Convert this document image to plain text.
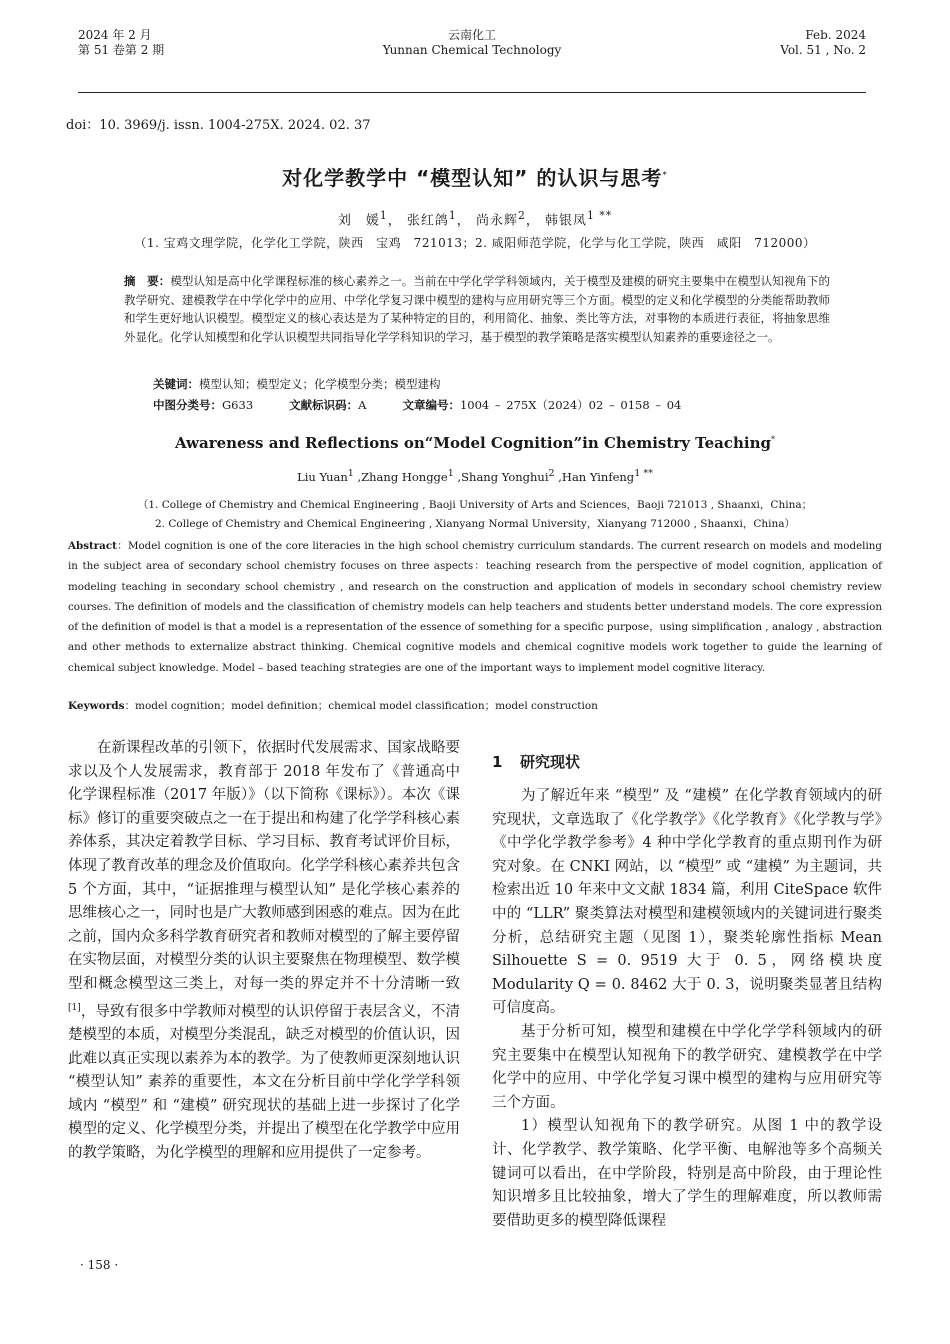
2024 年 2 月
第 51 卷第 2 期
云南化工
Yunnan Chemical Technology
Feb. 2024
Vol. 51 , No. 2
doi：10. 3969/j. issn. 1004-275X. 2024. 02. 37
对化学教学中 “模型认知” 的认识与思考*
刘　媛$^1$， 张红鸽$^1$， 尚永辉$^2$， 韩银凤$^{1 **}$
（1. 宝鸡文理学院，化学化工学院，陕西　宝鸡　721013；2. 咸阳师范学院，化学与化工学院，陕西　咸阳　712000）
摘　要：模型认知是高中化学课程标准的核心素养之一。当前在中学化学学科领域内，关于模型及建模的研究主要集中在模型认知视角下的教学研究、建模教学在中学化学中的应用、中学化学复习课中模型的建构与应用研究等三个方面。模型的定义和化学模型的分类能帮助教师和学生更好地认识模型。模型定义的核心表达是为了某种特定的目的，利用简化、抽象、类比等方法，对事物的本质进行表征，将抽象思维外显化。化学认知模型和化学认识模型共同指导化学学科知识的学习，基于模型的教学策略是落实模型认知素养的重要途径之一。
关键词：模型认知；模型定义；化学模型分类；模型建构
中图分类号：G633	文献标识码：A	文章编号：1004 – 275X（2024）02 – 0158 – 04
Awareness and Reflections on“Model Cognition”in Chemistry Teaching*
Liu Yuan$^1$ ,Zhang Hongge$^1$ ,Shang Yonghui$^2$ ,Han Yinfeng$^{1 **}$
（1. College of Chemistry and Chemical Engineering , Baoji University of Arts and Sciences，Baoji 721013 , Shaanxi，China；
2. College of Chemistry and Chemical Engineering , Xianyang Normal University，Xianyang 712000 , Shaanxi，China）
Abstract：Model cognition is one of the core literacies in the high school chemistry curriculum standards. The current research on models and modeling in the subject area of secondary school chemistry focuses on three aspects：teaching research from the perspective of model cognition, application of modeling teaching in secondary school chemistry , and research on the construction and application of models in secondary school chemistry review courses. The definition of models and the classification of chemistry models can help teachers and students better understand models. The core expression of the definition of model is that a model is a representation of the essence of something for a specific purpose，using simplification , analogy , abstraction and other methods to externalize abstract thinking. Chemical cognitive models and chemical cognitive models work together to guide the learning of chemical subject knowledge. Model – based teaching strategies are one of the important ways to implement model cognitive literacy.
Keywords：model cognition；model definition；chemical model classification；model construction

在新课程改革的引领下，依据时代发展需求、国家战略要求以及个人发展需求，教育部于 2018 年发布了《普通高中化学课程标准（2017 年版）》（以下简称《课标》）。本次《课标》修订的重要突破点之一在于提出和构建了化学学科核心素养体系，其决定着教学目标、学习目标、教育考试评价目标，体现了教育改革的理念及价值取向。化学学科核心素养共包含 5 个方面，其中，“证据推理与模型认知” 是化学核心素养的思维核心之一，同时也是广大教师感到困惑的难点。因为在此之前，国内众多科学教育研究者和教师对模型的了解主要停留在实物层面，对模型分类的认识主要聚焦在物理模型、数学模型和概念模型这三类上，对每一类的界定并不十分清晰一致[1]，导致有很多中学教师对模型的认识停留于表层含义，不清楚模型的本质，对模型分类混乱，缺乏对模型的价值认识，因此难以真正实现以素养为本的教学。为了使教师更深刻地认识 “模型认知” 素养的重要性，本文在分析目前中学化学学科领域内 “模型” 和 “建模” 研究现状的基础上进一步探讨了化学模型的定义、化学模型分类，并提出了模型在化学教学中应用的教学策略，为化学模型的理解和应用提供了一定参考。

1 研究现状

为了解近年来 “模型” 及 “建模” 在化学教育领域内的研究现状，文章选取了《化学教学》《化学教育》《化学教与学》《中学化学教学参考》4 种中学化学教育的重点期刊作为研究对象。在 CNKI 网站，以 “模型” 或 “建模” 为主题词，共检索出近 10 年来中文文献 1834 篇，利用 CiteSpace 软件中的 “LLR” 聚类算法对模型和建模领域内的关键词进行聚类分析，总结研究主题（见图 1），聚类轮廓性指标 Mean Silhouette S = 0. 9519 大于 0. 5，网络模块度 Modularity Q = 0. 8462 大于 0. 3，说明聚类显著且结构可信度高。

基于分析可知，模型和建模在中学化学学科领域内的研究主要集中在模型认知视角下的教学研究、建模教学在中学化学中的应用、中学化学复习课中模型的建构与应用研究等三个方面。

1）模型认知视角下的教学研究。从图 1 中的教学设计、化学教学、教学策略、化学平衡、电解池等多个高频关键词可以看出，在中学阶段，特别是高中阶段，由于理论性知识增多且比较抽象，增大了学生的理解难度，所以教师需要借助更多的模型降低课程

· 158 ·
